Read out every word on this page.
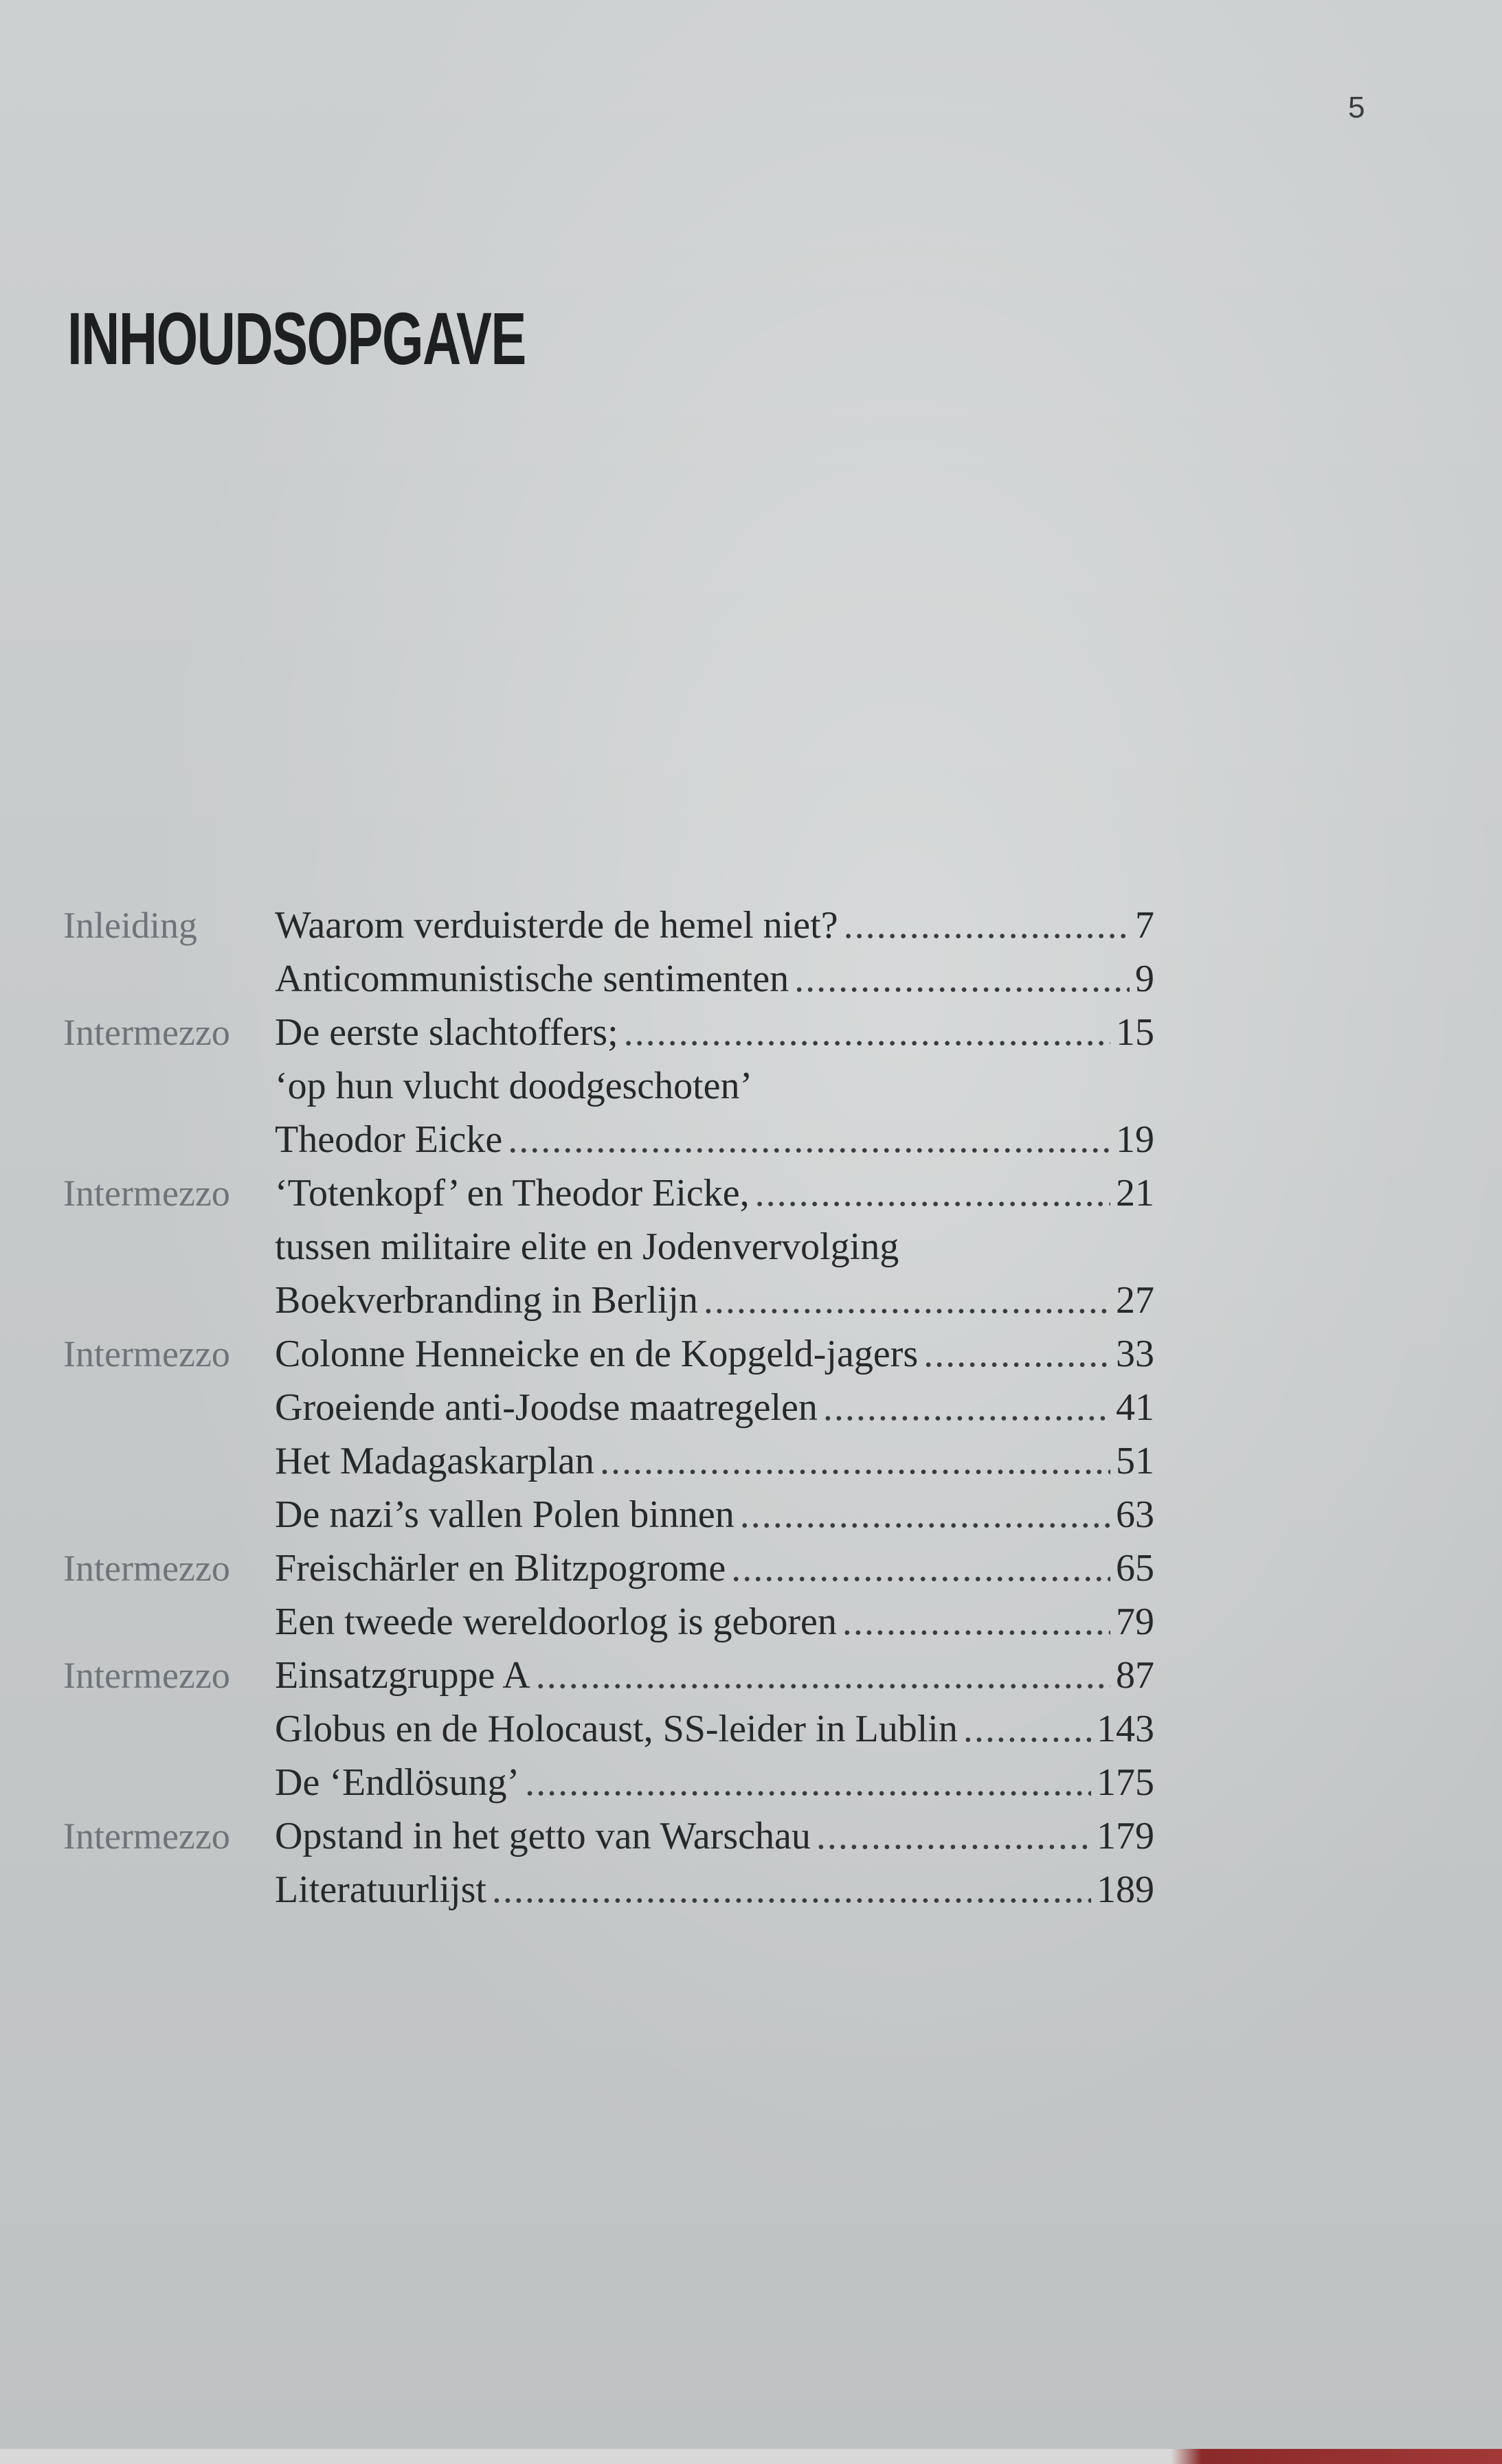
5
INHOUDSOPGAVE
Inleiding Waarom verduisterde de hemel niet? .....	7
Anticommunistische sentimenten .....	9
Intermezzo De eerste slachtoffers; .....	15
‘op hun vlucht doodgeschoten’
Theodor Eicke .....	19
Intermezzo ‘Totenkopf’ en Theodor Eicke, .....	21
tussen militaire elite en Jodenvervolging
Boekverbranding in Berlijn .....	27
Intermezzo Colonne Henneicke en de Kopgeld-jagers .....	33
Groeiende anti-Joodse maatregelen .....	41
Het Madagaskarplan .....	51
De nazi’s vallen Polen binnen .....	63
Intermezzo Freischärler en Blitzpogrome .....	65
Een tweede wereldoorlog is geboren .....	79
Intermezzo Einsatzgruppe A .....	87
Globus en de Holocaust, SS-leider in Lublin .....	143
De ‘Endlösung’ .....	175
Intermezzo Opstand in het getto van Warschau .....	179
Literatuurlijst .....	189
